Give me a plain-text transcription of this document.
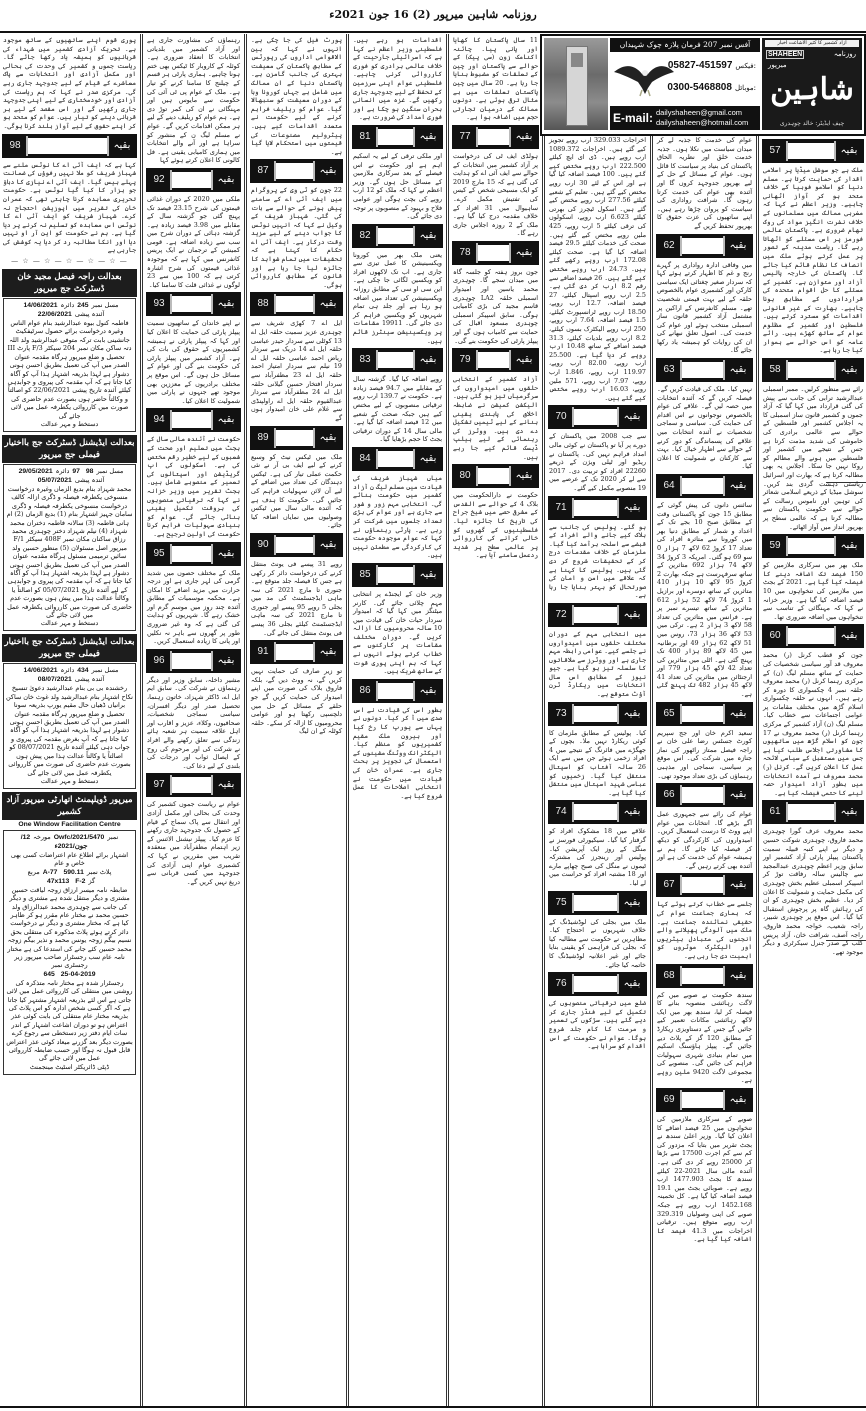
روزنامہ شاہین میرپور (2) 16 جون 2021ء
آفس نمبر 207 فرمان پلازہ چوک شہیداں میرپور آزاد کشمیر
05827-451597 فیکس:
0300-5468808 موبائل:
E-mail: dailyshaheen@gmail.com
dailyshaheen@hotmail.com
آزاد کشمیر کا کثیر الاشاعت اخبار
SHAHEEN	روزنامہ
میرپور
شاہین
چیف ایڈیٹر: خالد چوہدری
پوری قوم اپنے ساتھیوں کے ساتھ موجود ہے۔ تحریک آزادی کشمیر میں شہداء کی قربانیوں کو ہمیشہ یاد رکھا جائے گا۔ ریاست جموں و کشمیر کی وحدت کی بحالی اور مکمل آزادی اور انتخابات سے پاک معاشرے کے قیام کے لیے جدوجہد جاری رہے گی۔ مرکزی صدر نے کہا کہ ہم ریاست کی آزادی اور خودمختاری کے لیے اپنی جدوجہد جاری رکھیں گے اور اس مقصد کے لیے ہر قربانی دینے کو تیار ہیں۔ عوام کو متحد ہو کر اپنے حقوق کے لیے آواز بلند کرنا ہوگی۔
98	بقیہ
کہا ہے کہ ایف آئی اے کا نوٹس ملنے سے شہباز شریف کو ملا نہیں رفوؤں کی ضمانت پہلے بیس گیا۔ ایف آئی اے نیازی کا دباؤ جو ہزار کا کیا گیا نوٹس ہے۔ حکومت تحریری معاہدہ کرنا چاہتی تھی کہ عمران خان کی تقریر میں اپوزیشن احتجاج نہ کرے۔ شہباز شریف کو ایف آئی اے کا نوٹس اس معاہدہ کو تسلیم نہ کرنے پر دیا گیا ہے۔ ہم نے حکومت کو این آر او نہیں دیا اور انکا مطالبہ رد کر دیا یہ کوشش کی جارہی ہے
— ☆ — ☆ — ☆ — ☆ — ☆ —
بعدالت راجہ فیصل مجید خان ڈسٹرکٹ جج میرپور
مسل نمبر245دائرہ14/06/2021
آئندہ پیشی22/06/2021
فاطمہ کنول بیوہ عبدالرشید بنام عوام الناس وغیرہ درخواست برائے حصول سرٹیفکیٹ جانشینی بابت ترکہ متوفی عبدالرشید ولد اللہ دتہ ساکن مکان نمبر 204 سیکٹر F/3 پارٹ III تحصیل و ضلع میرپور ہرگاہ مقدمہ عنوان الصدر میں آپ کی تعمیل بطریق احسن ہونی دشوار ہے لہذا بذریعہ اشتہار ہذا آپ کو آگاہ کیا جاتا ہے کہ آپ مقدمہ کی پیروی و جوابدہی کیلئے آئندہ تاریخ پیشی 22/06/2021 کو اصالتاً و وکالتاً حاضر ہوں بصورت عدم حاضری کی صورت میں کارروائی یکطرفہ عمل میں لائی جائے گی
دستخط و مہر عدالت
بعدالت ایڈیشنل ڈسٹرکٹ جج بااختیار فیملی جج میرپور
مسل نمبر97 98دائرہ29/05/2021
آئندہ پیشی05/07/2021
محمد شہزاد بنام بدیع الزماں وغیرہ درخواست منسوخی یکطرفہ فیصلہ و ڈگری ازالہ کالف درخواست منسوخی یکطرفہ فیصلہ و ڈگری سامان جہیز اشتہار بنام (1) بدیع الزماں (2) ام ہانی فاطمہ (3) سالانہ فاطمہ دختران محمد شہزاد (4) نیلم شہزاد دختر چوہدری محمد رزاق ساکنان مکان نمبر 408F سیکٹر F/1 میرپور اصل مسئولان (5) منظور حسین ولد سائیں ترمیمی مسئول ہرگاہ مقدمہ عنوان الصدر میں آپ کی تعمیل بطریق احسن ہونی دشوار ہے لہذا بذریعہ اشتہار ہذا آپ کو آگاہ کیا جاتا ہے کہ آپ مقدمہ کی پیروی و جوابدہی کے لیے آئندہ تاریخ 05/07/2021 کو اصالتاً یا وکالتاً عدالت ہذا میں پیش ہوں بصورت عدم حاضری کی صورت میں کارروائی یکطرفہ عمل میں لائی جائے گی
دستخط و مہر عدالت
بعدالت ایڈیشنل ڈسٹرکٹ جج بااختیار فیملی جج میرپور
مسل نمبر434دائرہ14/06/2021
آئندہ پیشی08/07/2021
رخشندہ بی بی بنام عبدالرشید دعویٰ تنسیخ نکاح اشتہار بنام عبدالرشید ولد غوث خان ساکن برانیاں ڈھیاں حال مقیم یورپ بذریعہ سونا تحصیل و ضلع میرپور ہرگاہ مقدمہ عنوان الصدر میں آپ کی تعمیل بطریق احسن ہونی دشوار ہے لہذا بذریعہ اشتہار ہذا آپ کو آگاہ کیا جاتا ہے کہ آپ بغرض مقدمہ کی پیروی و جواب دہی کیلئے آئندہ تاریخ 08/07/2021 کو اصالتاً یا وکالتاً عدالت ہذا میں پیش ہوں بصورت عدم حاضری کی صورت میں کارروائی یکطرفہ عمل میں لائی جائے گی
دستخط و مہر عدالت
میرپور ڈویلپمنٹ اتھارٹی میرپور آزاد کشمیر
One Window Facilitation Centre
نمبر2021/5470/Owfcمورخہ12/ جون/2021ء
اشتہار برائے اطلاع عام اعتراضات کسی بھی خاص و عام
پلاٹ نمبرA-77 590.11مربع گز47x113 F-2
ضابطہ نامہ میسر ارزاق زوجہ لیاقت حسین مشتری و دیگر منتقل شدہ ہے مشتری و دیگر کی جانب سے چوہدری محمد عبدالرزاق ولد حسین محمد نے مختار عام مقرر ہو کر ظاہر کیا ہے کہ مختار مشتری و دیگر نے درخواست دائر کرتے ہوئے پلاٹ مذکورہ کی منتقلی بحق نسیم بیگم زوجہ یونس محمد و نذیر بیگم زوجہ محمد حسین کئے جانے کی استدعا کی ہے مختار نامہ عام سب رجسٹرار صاحب میرپور زیر رجسٹری نمبر
645 25-04-2019
رجسٹرار شدہ ہے مختار نامہ متذکرہ کی روشنی میں منتقلی کی کارروائی عمل میں لائی جاتی ہے اس لئے بذریعہ اشتہار مشتہر کیا جاتا ہے کہ اگر کسی شخص ادارہ کو اس پلاٹ کی بذریعہ مختار عام منتقلی کی بابت کوئی عذر اعتراض ہو تو دوران اشاعت اشتہار کے اندر سات ایام دفتر زیر دستخطی سے رجوع کرے بصورت دیگر بعد گزرنے میعاد کوئی عذر اعتراض قابل قبول نہ ہوگا اور حسب ضابطہ کارروائی عمل میں لائی جائے گی
ڈپٹی ڈائریکٹر اسٹیٹ مینجمنٹ
رہنماؤں کی مشاورت جاری ہے اور آزاد کشمیر میں بلدیاتی انتخابات کا انعقاد ضروری ہے۔ کوئلہ کے کاروبار کا ٹیکس بھی ختم ہونا چاہیے۔ ہماری پارٹی ہر قسم کے چیلنج کا سامنا کرنے کو تیار ہے۔ ملک کے عوام پی ٹی آئی کی حکومت سے مایوس ہیں اور مہنگائی نے ان کی کمر توڑ دی ہے۔ ہم عوام کو ریلیف دینے کے لیے ہر ممکن اقدامات کریں گے۔ عوام نے مسلم لیگ ن کے منشور کو سراہا ہے اور آنے والے انتخابات میں ہماری کامیابی یقینی ہے۔ فل کالونی کا اعلان کرتے ہوئے کہا
92	بقیہ
ملکی میں 2020 کے دوران غذائی قیمتوں کی شرح 23.15 فیصد تک پہنچ گئی جو گزشتہ سال کے مقابلے میں 3.98 فیصد زیادہ ہے۔ گزشتہ دہائی کے دوران شرح میں سب سے زیادہ اضافہ ہے۔ قومی کمیشن کے ترجمان نے ایک پریس کانفرنس میں کہا ہے کہ موجودہ غذائی قیمتوں کی شرح اشارہ کرتی ہے کہ 100 میں سے 23 لوگوں نے غذائی قلت کا سامنا کیا۔
93	بقیہ
نے اپنے خاندان کے ساتھیوں سمیت پیپلز پارٹی کی حمایت کا اعلان کیا اور کہا کہ پیپلز پارٹی نے ہمیشہ کشمیریوں کے حقوق کی بات کی ہے۔ آزاد کشمیر میں پیپلز پارٹی کی حکومت بنے گی اور عوام کے مسائل حل ہوں گے۔ اس موقع پر مختلف برادریوں کے معززین بھی موجود تھے جنہوں نے پارٹی میں شمولیت کا اعلان کیا۔
94	بقیہ
حکومت نے آئندہ مالی سال کے بجٹ میں تعلیم اور صحت کے شعبوں کے لیے خطیر رقم مختص کی ہے۔ اسکولوں کی اپ گریڈیشن اور اسپتالوں کی تعمیر کے منصوبے شامل ہیں۔ بجٹ تقریر میں وزیر خزانہ نے کہا کہ ترقیاتی منصوبوں کی بروقت تکمیل یقینی بنائی جائے گی۔ عوام کو بنیادی سہولیات فراہم کرنا حکومت کی اولین ترجیح ہے۔
95	بقیہ
ملک کے مختلف حصوں میں شدید گرمی کی لہر جاری ہے اور درجہ حرارت میں مزید اضافے کا امکان ہے۔ محکمہ موسمیات کے مطابق آئندہ چند روز میں موسم گرم اور خشک رہے گا۔ شہریوں کو ہدایت کی گئی ہے کہ وہ غیر ضروری طور پر گھروں سے باہر نہ نکلیں اور پانی کا زیادہ استعمال کریں۔
96	بقیہ
مشیر داخلہ، سابق وزیر اور دیگر رہنماؤں نے شرکت کی۔ سابق ایم ایل اے، ڈاکٹر شہزاد، خاتون رہنما، تحصیل صدر اور دیگر افسران، سیاسی سماجی شخصیات، صحافیوں، وکلاء، عزیز و اقارب اور اہل علاقہ سمیت ہر شعبہ ہائے زندگی سے تعلق رکھنے والے افراد نے شرکت کی اور مرحوم کی روح کے ایصال ثواب اور درجات کی بلندی کے لیے دعا کی۔
97	بقیہ
عوام نے ریاست جموں کشمیر کی وحدت کی بحالی اور مکمل آزادی اور انتقال سے پاک سماج کے قیام کے حصول تک جدوجہد جاری رکھنے کا عزم کیا۔ پیپلز نیشنل الائنس کے زیر اہتمام مظفرآباد میں منعقدہ تقریب میں مقررین نے کہا کہ کشمیری عوام اپنی آزادی کی جدوجہد میں کسی قربانی سے دریغ نہیں کریں گے۔
پورٹ فیل کی جا چکی ہے۔ انہوں نے کہا کہ بین الاقوامی اداروں کی رپورٹس کے مطابق پاکستان کی معیشت بہتری کی جانب گامزن ہے۔ پاکستان دنیا کے ان ممالک میں شامل ہے جہاں کورونا وبا کے دوران معیشت کو سنبھالا گیا۔ عوام کو ریلیف فراہم کرنے کے لیے حکومت نے متعدد اقدامات کیے ہیں۔ پیٹرولیم مصنوعات کی قیمتوں میں استحکام لایا گیا ہے۔
87	بقیہ
22 جون کو ٹی وی کے پروگرام میں ایف آئی اے کے سامنے پیش ہونے کے حوالے سے بات کی گئی۔ شہباز شریف کے وکیل نے کہا کہ انہیں نوٹس کا جواب دینے کے لیے مزید وقت درکار ہے۔ ایف آئی اے حکام کا کہنا ہے کہ تحقیقات میں تمام شواہد کا جائزہ لیا جا رہا ہے اور قانون کے مطابق کارروائی ہوگی۔
88	بقیہ
ایل اے 7 کھڑی شریف سے چوہدری عزیز سمیت حلقہ ایل اے 13 کوٹلی سے سردار حیدر عباسی حلقہ ایل اے 14 دریک سے سردار ریاض احمد عباسی حلقہ ایل اے 19 نیلم سے سردار امتیاز احمد حلقہ ایل اے 23 مظفرآباد سے سردار افتخار حسین گیلانی حلقہ ایل اے 24 مظفرآباد سے سردار عبدالقیوم حلقہ ایل اے راولپنڈی سے غلام علی خان امیدوار ہوں گے
89	بقیہ
ملک میں ٹیکس نیٹ کو وسیع کرنے کے لیے ایف بی آر نے نئی حکمت عملی تیار کی ہے۔ ٹیکس دہندگان کی تعداد میں اضافے کے لیے آن لائن سہولیات فراہم کی جائیں گی۔ حکومت کا ہدف ہے کہ آئندہ مالی سال میں ٹیکس وصولیوں میں نمایاں اضافہ کیا جائے۔
90	بقیہ
روپے 31 پیسے فی یونٹ منتقل کرنے کی درخواست دائر کر رکھی ہے جس کا فیصلہ جلد متوقع ہے۔ جنوری تا مارچ 2021 کی سہ ماہی ایڈجسٹمنٹ کی مد میں بجلی 5 روپے 95 پیسے اور جنوری تا مارچ 2021 کی سہ ماہی ایڈجسٹمنٹ کیلئے بجلی 36 پیسے فی یونٹ منتقل کی جائے گی۔
91	بقیہ
تو زیر صارف کی حمایت نہیں کریں گے، نہ ووٹ دیں گے، بلکہ فاروق بلاک کی صورت میں اپنے امیدوار کی حمایت کریں گے جو حلقے کے مسائل کے حل میں دلچسپی رکھتا ہو اور عوامی محرومیوں کا ازالہ کر سکے۔ حلقہ کوٹلہ کے ان لیگ
اقدامات ہو رہے ہیں۔ فلسطینی وزیر اعظم نے کہا ہے کہ اسرائیلی جارحیت کے خلاف عالمی برادری کو فوری کارروائی کرنی چاہیے۔ فلسطینی عوام اپنی سرزمین کے تحفظ کے لیے جدوجہد جاری رکھیں گے۔ غزہ میں انسانی بحران سنگین ہو چکا ہے اور فوری امداد کی ضرورت ہے۔
81	بقیہ
اور ملکی ترقی کے لیے یہ اسکیم اہم ہے اور حکومت نے اس فیصلے کے بعد سرکاری ملازمین کے مسائل حل ہوں گے۔ وزیر اعظم نے کہا کہ ملک کو 12 ارب روپے کی بچت ہوگی اور عوامی فلاح و بہبود کے منصوبوں پر توجہ دی جائے گی۔
82	بقیہ
یعنی ملک بھر میں کورونا ویکسینیشن کا عمل تیزی سے جاری ہے۔ اب تک لاکھوں افراد کو ویکسین لگائی جا چکی ہے۔ این سی او سی کے مطابق روزانہ ویکسینیشن کی تعداد میں اضافہ ہو رہا ہے اور جلد ہی تمام شہریوں کو ویکسین فراہم کر دی جائے گی۔ 19911 مقامات پر ویکسینیشن سینٹرز قائم ہیں۔
83	بقیہ
روپے اضافہ کیا گیا۔ گزشتہ سال کے مقابلے میں 94.7 فیصد زیادہ ہے۔ حکومت نے 139.7 ارب روپے ترقیاتی منصوبوں کے لیے مختص کیے ہیں جبکہ صحت کے شعبے میں 12 فیصد اضافہ کیا گیا ہے۔ مالی سال 14 کے دوران ترقیاتی بجٹ کا حجم بڑھایا گیا۔
84	بقیہ
میاں شہباز شریف کی قیادت میں مسلم لیگ ن آزاد کشمیر میں حکومت بنائے گی۔ انتخابی مہم زور و شور سے جاری ہے اور عوام کی بڑی تعداد جلسوں میں شرکت کر رہی ہے۔ پارٹی رہنماؤں نے کہا کہ عوام موجودہ حکومت کی کارکردگی سے مطمئن نہیں ہیں۔
85	بقیہ
وزیر خان کے ایجنڈے پر انتخابی مہم چلائی جائے گی۔ کارنر میٹنگز میں کہا گیا کہ امیدوار سردار حیات خان کی قیادت میں 10 سالہ محرومیوں کا ازالہ کریں گے۔ دوران مختلف مقامات پر کارکنوں سے خطاب کرتے ہوئے انہوں نے کہا کہ ہم اپنی پوری قوت کے ساتھ شریک ہیں۔
86	بقیہ
بطور اس کی قیادت نے اس صدی میں آ کر کیا۔ دونوں نے یہاں سے یورپ کا رخ کیا اور بیرون ملک مقیم کشمیریوں کو منظم کیا۔ الیکٹرانک ووٹنگ مشینوں کے استعمال کی تجویز پر بحث جاری ہے۔ عمران خان کی قیادت میں حکومت نے انتخابی اصلاحات کا عمل شروع کیا ہے۔
11 سال پاکستان کا کھایا اور پانی پیا۔ چائنہ اکنامک زون (سی پیک) کے حوالے سے پاکستان اور چین کے تعلقات کو مضبوط بنایا جا رہا ہے۔ 20 سال میں چین پاکستان تعلقات میں بے مثال ترقی ہوئی ہے۔ دونوں ممالک کے درمیان تجارتی حجم میں اضافہ ہوا ہے۔
77	بقیہ
ہولڈی ایف ٹی کی درخواست پر آزاد کشمیر میں انتخابات کے حوالے سے ایف آئی اے کو ہدایت کی گئی ہے کہ 15 مارچ 2019 کو ایک مسیحی شخص کے کیس کی تفتیش مکمل کرے۔ ساہیوال میں 31 افراد کے خلاف مقدمہ درج کیا گیا ہے۔ ملک کے 2 روزہ اجلاس جاری رہے گا۔
78	بقیہ
جون بروز ہفتہ کو جلسہ گاہ میں میدان سجے گا۔ چوہدری محمد یاسین اور امیدوار اسمبلی حلقہ LA2 چوہدری قاسم مجید کی بڑی کامیابی ہوگی۔ سابق اسپیکر اسمبلی چوہدری مسعود اقبال کی حمایت سے کامیاب ہوں گے اور پیپلز پارٹی کی حکومت بنے گی۔
79	بقیہ
آزاد کشمیر کے انتخابی حلقوں میں امیدواروں کی سرگرمیاں تیز ہو گئی ہیں۔ الیکشن کمیشن نے ضابطہ اخلاق کی پابندی یقینی بنانے کے لیے ٹیمیں تشکیل دے دی ہیں۔ ووٹرز کی رہنمائی کے لیے ہیلپ ڈیسک قائم کیے جا رہے ہیں۔
80	بقیہ
حکومت نے دارالحکومت میں بلاک 4 کے حوالے سے القدس کے مشرقی حصے میں شیخ جراح کی تاریخ کا جائزہ لیا۔ فلسطینیوں کے گھروں کو خالی کرانے کی کارروائی پر عالمی سطح پر شدید ردعمل سامنے آیا ہے۔
اخراجات 329.033 ارب روپے تجویز کیے گئے ہیں۔ اخراجات 1089.372 ارب روپے ہیں۔ ڈی ای ایچ کیلئے 222.500 ارب روپے مختص کیے گئے ہیں۔ 100 فیصد اضافہ کیا گیا ہے اور اس کے لئے 30 ارب روپے مختص کیے گئے ہیں۔ تعلیم کے شعبے کیلئے 277.56 ارب روپے مختص کیے گئے ہیں۔ اسکول ٹیچرز کی بھرتی کیلئے 6.623 ارب روپے، اسکولوں کی ترقی کیلئے 5 ارب روپے، 425 ملین روپے مختص کیے گئے ہیں۔ صحت کی خدمات کیلئے 29.5 فیصد اضافہ کیا گیا ہے۔ صحت کیلئے 172.08 ارب روپے رکھے گئے ہیں۔ 24.73 ارب روپے مختص کیے گئے ہیں۔ 26 فیصد اضافے سے رقم 8.2 ارب کر دی گئی ہے۔ 2.5 ارب روپے اسپتال کیلئے، 27 فیصد اضافہ، 12.7 ارب روپے، 18.50 ارب روپے ٹرانسپورٹ کیلئے، 1.5 فیصد اضافہ، 7.64 ارب روپے، 250 ارب روپے الیکٹرک بسوں کیلئے، 8.2 ارب روپے بلدیات کیلئے، 31.3 فیصد اضافے کے ساتھ 10.48 ارب روپے کر دیا گیا ہے۔ 25.500 ارب روپے، 82.00 ارب روپے، 119.97 ارب روپے، 1.846 ارب روپے، 7.97 ارب روپے، 571 ملین روپے، 16.03 ارب روپے مختص کیے گئے ہیں۔
70	بقیہ
سے جب 2008 میں پاکستان کے دورے پر آیا تو پاکستان نے کوئی مالی امداد فراہم نہیں کی۔ پاکستان نے ریڈیو اور ٹیلی ویژن کے ذریعے 22260 افراد کو تربیت دی۔ 2017 سے لے کر 2020 تک کے عرصے میں 19 منصوبے مکمل کیے گئے۔
71	بقیہ
ہو گئے۔ پولیس کی جانب سے بلاک کیے جانے والے افراد کے قبضے سے اسلحہ برآمد کیا گیا۔ ملزمان کے خلاف مقدمات درج کر کے تحقیقات شروع کر دی گئی ہیں۔ پولیس کا کہنا ہے کہ علاقے میں امن و امان کی صورتحال کو بہتر بنایا جا رہا ہے۔
72	بقیہ
میں انتخابی مہم کے دوران مختلف حلقوں میں امیدواروں نے جلسے کیے۔ عوامی رابطہ مہم جاری ہے اور ووٹرز سے ملاقاتوں کا سلسلہ تیز ہو گیا ہے۔ جیو نیوز کے مطابق اس سال انتخابات میں ریکارڈ ٹرن آؤٹ متوقع ہے۔
73	بقیہ
کیا۔ پولیس کے مطابق ملزمان کا کوئی ریکارڈ نہیں ملا۔ بچوں کے جھگڑے میں فائرنگ کے نتیجے میں 4 افراد زخمی ہوئے جن میں سے ایک 26 سالہ آفتاب کو اسپتال منتقل کیا گیا۔ زخمیوں کو عباسی شہید اسپتال میں منتقل کیا گیا ہے۔
74	بقیہ
علاقے میں 18 مشکوک افراد کو گرفتار کیا گیا۔ سیکیورٹی فورسز نے منگل کے روز ایک آپریشن کیا۔ پولیس اور رینجرز کی مشترکہ ٹیموں نے منگل کی صبح چھاپے مارے اور 18 مشتبہ افراد کو حراست میں لے لیا۔
75	بقیہ
ملک میں بجلی کی لوڈشیڈنگ کے خلاف شہریوں نے احتجاج کیا۔ مظاہرین نے حکومت سے مطالبہ کیا کہ بجلی کی فراہمی کو یقینی بنایا جائے اور غیر اعلانیہ لوڈشیڈنگ کا خاتمہ کیا جائے۔
76	بقیہ
ضلع میں ترقیاتی منصوبوں کی تکمیل کے لیے فنڈز جاری کر دیے گئے ہیں۔ سڑکوں کی تعمیر و مرمت کا کام جلد شروع ہوگا۔ عوام نے حکومت کے اس اقدام کو سراہا ہے۔
عوام کی خدمت کا جذبہ لے کر میدان سیاست میں نکلا ہوں۔ جذبہ خدمت خلق اور نظریہ الحاق پاکستان کی بنیاد پر سیاست کا قائل ہوں۔ عوام کے مسائل کے حل کے لیے بھرپور جدوجہد کروں گا اور آئندہ بھی عوام کی خدمت کرتا رہوں گا۔ شرافت رواداری کی سیاست کو پروان چڑھا رہے ہیں۔ اپنے ساتھیوں کی عزت حقوق کا بھرپور تحفظ کریں گے
62	بقیہ
میں وفاقی ادارہ رواداری پر گہرے رنج و غم کا اظہار کرتے ہوئے کہا کہ سردار صغیر چغتائی ایک سیاسی کارکن اور کشمیری عوام بالخصوص حلقہ کے لیے بہت قیمتی شخصیت تھے۔ مسلم کانفرنس کے اراکین پر مشتمل آزاد کشمیر قانون ساز اسمبلی منتخب ہوئے اور عوام کی خدمت کی۔ اصول تعلق نبھانے کی ان کی روایات کو ہمیشہ یاد رکھا جائے گا۔
63	بقیہ
نہیں کیا۔ ملک کی قیادت کریں گے۔ فیصلہ کریں گے کہ آئندہ انتخابات میں حصہ لیں گے۔ علاقے کی عوام بالخصوص نوجوانوں نے اس اقدام کی حمایت کی۔ سیاسی و سماجی شخصیات نے آئندہ انتخابات میں علاقے کی پسماندگی کو دور کرنے کے حوالے سے اظہار خیال کیا۔ بہت سے کارکنان نے شمولیت کا اعلان کیا۔
64	بقیہ
سائنس دانوں کی پیش گوئی کے مطابق 15 جون کو پاکستانی وقت کے مطابق صبح 10 بجے تک کے اعداد و شمار کے مطابق دنیا بھر میں کورونا سے متاثرہ افراد کی تعداد 17 کروڑ 62 لاکھ 7 ہزار 0 سو 69 ہو گئی۔ امریکہ 3 کروڑ 34 لاکھ 74 ہزار 692 متاثرین کے ساتھ سرفہرست ہے جبکہ بھارت 2 کروڑ 95 لاکھ 10 ہزار 410 متاثرین کے ساتھ دوسرے اور برازیل 1 کروڑ 74 لاکھ 52 ہزار 612 متاثرین کے ساتھ تیسرے نمبر پر ہے۔ فرانس میں متاثرین کی تعداد 58 لاکھ 3 ہزار 2 ہے۔ ترکی میں 53 لاکھ 36 ہزار 73، روس میں 51 لاکھ 62 ہزار 49 اور برطانیہ میں 45 لاکھ 89 ہزار 400 تک پہنچ گئی ہے۔ اٹلی میں متاثرین کی تعداد 42 لاکھ 45 ہزار 779 اور ارجنٹائن میں متاثرین کی تعداد 41 لاکھ 45 ہزار 482 تک پہنچ گئی ہے۔
65	بقیہ
سعید اکرم خان اور جج سپریم کورٹ جسٹس رضا علی خان نے راجہ فیصل ممتاز راٹھور کی نماز جنازہ میں شرکت کی۔ اس موقع پر سیاسی، سماجی اور مذہبی رہنماؤں کی بڑی تعداد موجود تھی۔
66	بقیہ
عوام کی رائے سے جمہوری عمل آگے بڑھے گا۔ انتخابات میں عوام اپنے ووٹ کا درست استعمال کریں۔ امیدواروں کی کارکردگی کو دیکھ کر فیصلہ کیا جائے گا۔ ہم نے ہمیشہ عوام کی خدمت کی ہے اور آئندہ بھی کرتے رہیں گے۔
67	بقیہ
جلسے سے خطاب کرتے ہوئے کہا کہ ہماری جماعت عوام کی حقیقی نمائندہ جماعت ہے۔ ملک میں آلودگی پھیلانے والے انجنوں کی متبادل بیٹریوں اور الیکٹرک موٹروں کو اہمیت دی جا رہی ہے۔
68	بقیہ
سندھ حکومت نے صوبے میں کم لاگت رہائشی منصوبہ بنانے کا فیصلہ کر لیا، سندھ بھر میں ایک لاکھ رہائشی مکانات تعمیر کیے جائیں گے جس کے دستاویزی ریکارڈ کے مطابق 120 گز کے پلاٹ دیے جائیں گے۔ پیپلز ہاؤسنگ اسکیم میں تمام بنیادی شہری سہولیات فراہم کی جائیں گی۔ منصوبے کی مجموعی لاگت 9420 ملین روپے ہے۔
69	بقیہ
صوبے کے سرکاری ملازمین کی تنخواہوں میں 25 فیصد اضافے کا اعلان کیا گیا۔ وزیر اعلیٰ سندھ نے بجٹ تقریر میں بتایا کہ مزدور کی کم سے کم اجرت 17500 سے بڑھا کر 25000 روپے کر دی گئی ہے۔ آئندہ مالی سال 2021-22 کیلئے سندھ کا بجٹ 1477.903 ارب روپے ہے۔ صوبائی بجٹ میں 19.1 فیصد اضافہ کیا گیا ہے۔ کل تخمینہ 1452.168 ارب روپے ہے جبکہ صوبے کی اپنی وصولیاں 329.319 ارب روپے متوقع ہیں۔ ترقیاتی اخراجات میں 41.3 فیصد کا اضافہ کیا گیا ہے۔
57	بقیہ
ملک ہے جو سوشل میڈیا پر اسلامی اقدار کی حمایت کرتا ہے۔ مسلم دنیا کو اسلامو فوبیا کے خلاف متحد ہو کر آواز اٹھانی چاہیے۔ وزیر اعظم نے کہا کہ مغربی ممالک میں مسلمانوں کے خلاف نفرت انگیز مواد کی روک تھام ضروری ہے۔ پاکستان عالمی فورمز پر اس مسئلے کو اٹھاتا رہے گا۔ ریاست مدینہ کے تصور پر عمل کرتے ہوئے ملک میں انصاف کا نظام قائم کیا جائے گا۔ پاکستان کی خارجہ پالیسی آزاد اور متوازن ہے۔ کشمیر کے مسئلے کا حل اقوام متحدہ کی قراردادوں کے مطابق ہونا چاہیے۔ بھارت کے غیر قانونی اقدامات کو مسترد کرتے ہیں۔ فلسطین اور کشمیر کے مظلوم عوام کے ساتھ کھڑے ہیں۔ رائے عامہ کو اس حوالے سے ہموار کیا جا رہا ہے۔
58	بقیہ
رائے سے منظور کرلیں۔ ممبر اسمبلی عبدالرشید ترابی کی جانب سے پیش کی گئی قرارداد میں کہا گیا کہ آزاد جموں و کشمیر قانون ساز اسمبلی کا یہ اجلاس کشمیر اور فلسطین کے حوالے سے عالمی برادری کی خاموشی کی شدید مذمت کرتا ہے جس کے نتیجے میں کشمیر اور فلسطین میں ہونے والے مظالم کو روکا نہیں جا سکا۔ اجلاس یہ بھی مطالبہ کرتا ہے کہ بھارت اور اسرائیل ریاستی دہشت گردی بند کریں۔ سوشل میڈیا کے ذریعے اسلامی شعائر کی توہین اور ناموس رسالت کے حوالے سے حکومت پاکستان سے مطالبہ کرتا ہے کہ عالمی سطح پر بھرپور انداز میں آواز اٹھائے۔
59	بقیہ
ملک بھر میں سرکاری ملازمین کو 150 فیصد تک اضافہ دینے کا فیصلہ کیا گیا ہے۔ 2021 کے بجٹ میں ملازمین کی تنخواہوں میں 10 فیصد اضافہ کیا گیا ہے۔ وزیر خزانہ نے کہا کہ مہنگائی کے تناسب سے تنخواہوں میں اضافہ ضروری تھا۔
60	بقیہ
جون کو قطب کرنل (ر) محمد معروف قد آور سیاسی شخصیات کی حمایت کے ساتھ مسلم لیگ (ن) کے مرکزی رہنما کرنل (ر) محمد معروف حلقہ نمبر 4 چکسواری کا دورہ کر رہے ہیں۔ انہوں نے حلقہ چکسواری اسلام گڑھ میں مختلف مقامات پر عوامی اجتماعات سے خطاب کیا۔ مسلم لیگ (ن) آزاد کشمیر کے مرکزی رہنما کرنل (ر) محمد معروف نے 17 جون کو اسلام گڑھ میں ساتھیوں کا مشاورتی اجلاس طلب کیا ہے جس میں مستقبل کے سیاسی لائحہ عمل کا اعلان کریں گے۔ کرنل (ر) محمد معروف نے آمدہ انتخابات میں بطور آزاد امیدوار حصہ لینے کا حتمی فیصلہ کیا ہے۔
61	بقیہ
محمد معروف عرف گورا چوہدری محمد فاروق، چوہدری شوکت حسین و دیگر نے اپنے کنبہ قبیلہ سمیت پاکستان پیپلز پارٹی آزاد کشمیر اور سابق وزیر اعظم چوہدری عبدالمجید سے چالیس سالہ رفاقت توڑ کر اسپیکر اسمبلی عظیم بخش چوہدری کی مکمل حمایت و شمولیت کا اعلان کر دیا۔ عظیم بخش چوہدری کو ان کی رہائش گاہ پر پرجوش استقبال کیا گیا۔ اس موقع پر چوہدری شبیر، راجہ شعیب، خواجہ محمد فاروق، راجہ آصف، شرافت خان، آزاد پریس کلب کے صدر جنرل سیکرٹری و دیگر موجود تھے۔
